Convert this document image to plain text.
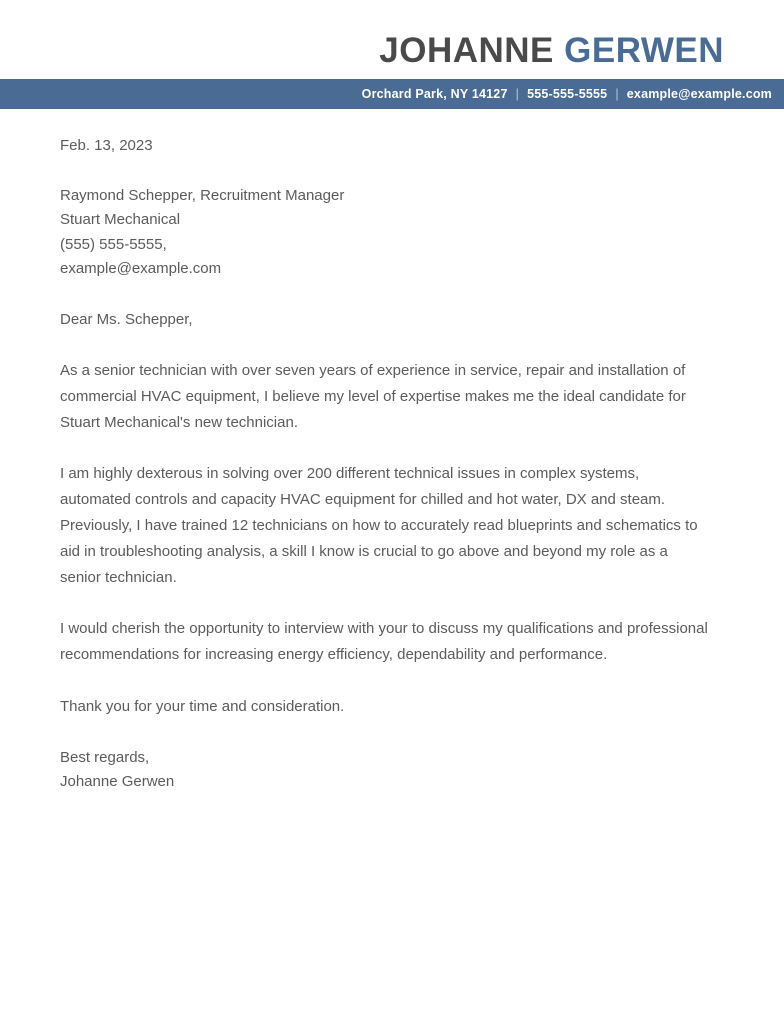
JOHANNE GERWEN
Orchard Park, NY 14127 | 555-555-5555 | example@example.com
Feb. 13, 2023
Raymond Schepper, Recruitment Manager
Stuart Mechanical
(555) 555-5555,
example@example.com
Dear Ms. Schepper,

As a senior technician with over seven years of experience in service, repair and installation of commercial HVAC equipment, I believe my level of expertise makes me the ideal candidate for Stuart Mechanical's new technician.

I am highly dexterous in solving over 200 different technical issues in complex systems, automated controls and capacity HVAC equipment for chilled and hot water, DX and steam. Previously, I have trained 12 technicians on how to accurately read blueprints and schematics to aid in troubleshooting analysis, a skill I know is crucial to go above and beyond my role as a senior technician.

I would cherish the opportunity to interview with your to discuss my qualifications and professional recommendations for increasing energy efficiency, dependability and performance.

Thank you for your time and consideration.

Best regards,
Johanne Gerwen
